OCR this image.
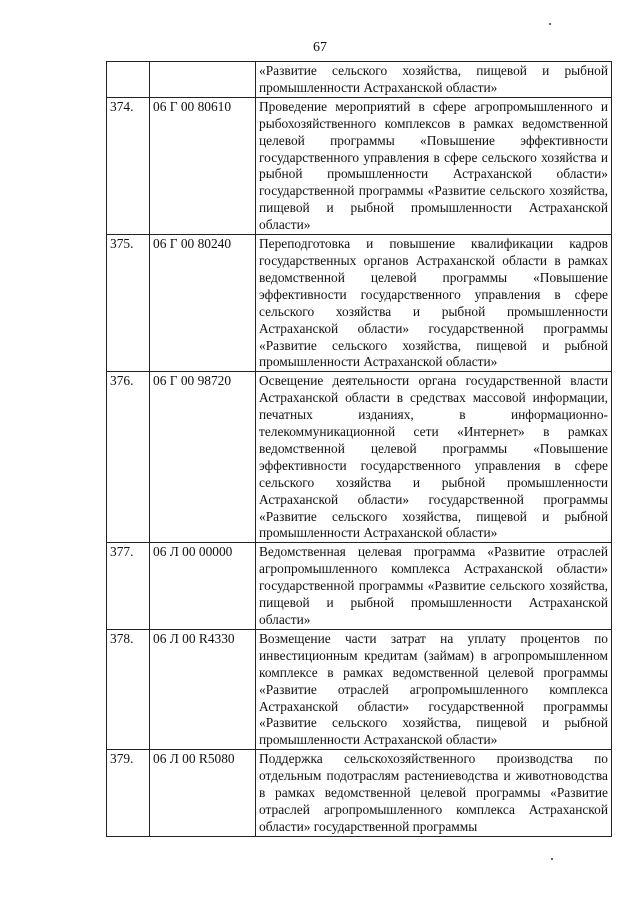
67
		«Развитие сельского хозяйства, пищевой и рыбной промышленности Астраханской области»
374.	06 Г 00 80610	Проведение мероприятий в сфере агропромышленного и рыбохозяйственного комплексов в рамках ведомственной целевой программы «Повышение эффективности государственного управления в сфере сельского хозяйства и рыбной промышленности Астраханской области» государственной программы «Развитие сельского хозяйства, пищевой и рыбной промышленности Астраханской области»
375.	06 Г 00 80240	Переподготовка и повышение квалификации кадров государственных органов Астраханской области в рамках ведомственной целевой программы «Повышение эффективности государственного управления в сфере сельского хозяйства и рыбной промышленности Астраханской области» государственной программы «Развитие сельского хозяйства, пищевой и рыбной промышленности Астраханской области»
376.	06 Г 00 98720	Освещение деятельности органа государственной власти Астраханской области в средствах массовой информации, печатных изданиях, в информационно-телекоммуникационной сети «Интернет» в рамках ведомственной целевой программы «Повышение эффективности государственного управления в сфере сельского хозяйства и рыбной промышленности Астраханской области» государственной программы «Развитие сельского хозяйства, пищевой и рыбной промышленности Астраханской области»
377.	06 Л 00 00000	Ведомственная целевая программа «Развитие отраслей агропромышленного комплекса Астраханской области» государственной программы «Развитие сельского хозяйства, пищевой и рыбной промышленности Астраханской области»
378.	06 Л 00 R4330	Возмещение части затрат на уплату процентов по инвестиционным кредитам (займам) в агропромышленном комплексе в рамках ведомственной целевой программы «Развитие отраслей агропромышленного комплекса Астраханской области» государственной программы «Развитие сельского хозяйства, пищевой и рыбной промышленности Астраханской области»
379.	06 Л 00 R5080	Поддержка сельскохозяйственного производства по отдельным подотраслям растениеводства и животноводства в рамках ведомственной целевой программы «Развитие отраслей агропромышленного комплекса Астраханской области» государственной программы
